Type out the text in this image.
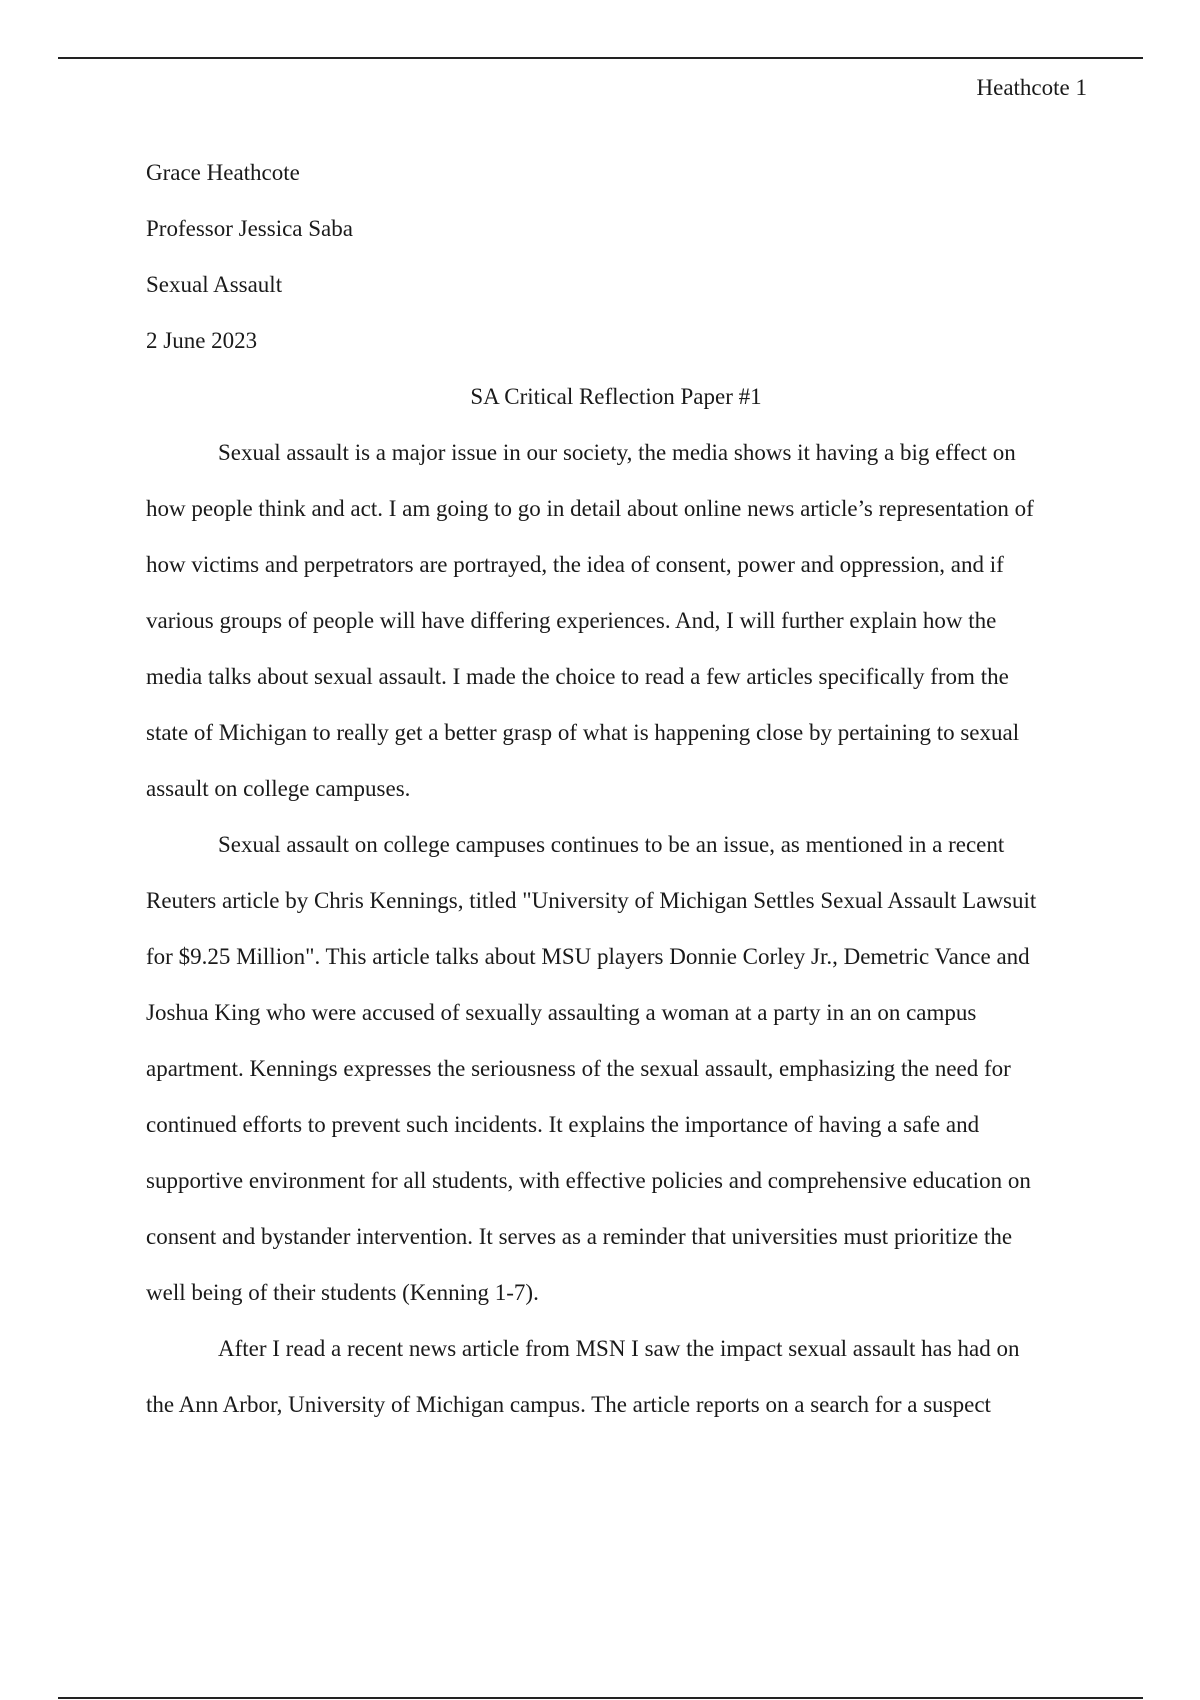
Heathcote 1
Grace Heathcote
Professor Jessica Saba
Sexual Assault
2 June 2023
SA Critical Reflection Paper #1
Sexual assault is a major issue in our society, the media shows it having a big effect on
how people think and act. I am going to go in detail about online news article’s representation of
how victims and perpetrators are portrayed, the idea of consent, power and oppression, and if
various groups of people will have differing experiences. And, I will further explain how the
media talks about sexual assault. I made the choice to read a few articles specifically from the
state of Michigan to really get a better grasp of what is happening close by pertaining to sexual
assault on college campuses.
Sexual assault on college campuses continues to be an issue, as mentioned in a recent
Reuters article by Chris Kennings, titled "University of Michigan Settles Sexual Assault Lawsuit
for $9.25 Million". This article talks about MSU players Donnie Corley Jr., Demetric Vance and
Joshua King who were accused of sexually assaulting a woman at a party in an on campus
apartment. Kennings expresses the seriousness of the sexual assault, emphasizing the need for
continued efforts to prevent such incidents. It explains the importance of having a safe and
supportive environment for all students, with effective policies and comprehensive education on
consent and bystander intervention. It serves as a reminder that universities must prioritize the
well being of their students (Kenning 1-7).
After I read a recent news article from MSN I saw the impact sexual assault has had on
the Ann Arbor, University of Michigan campus. The article reports on a search for a suspect
